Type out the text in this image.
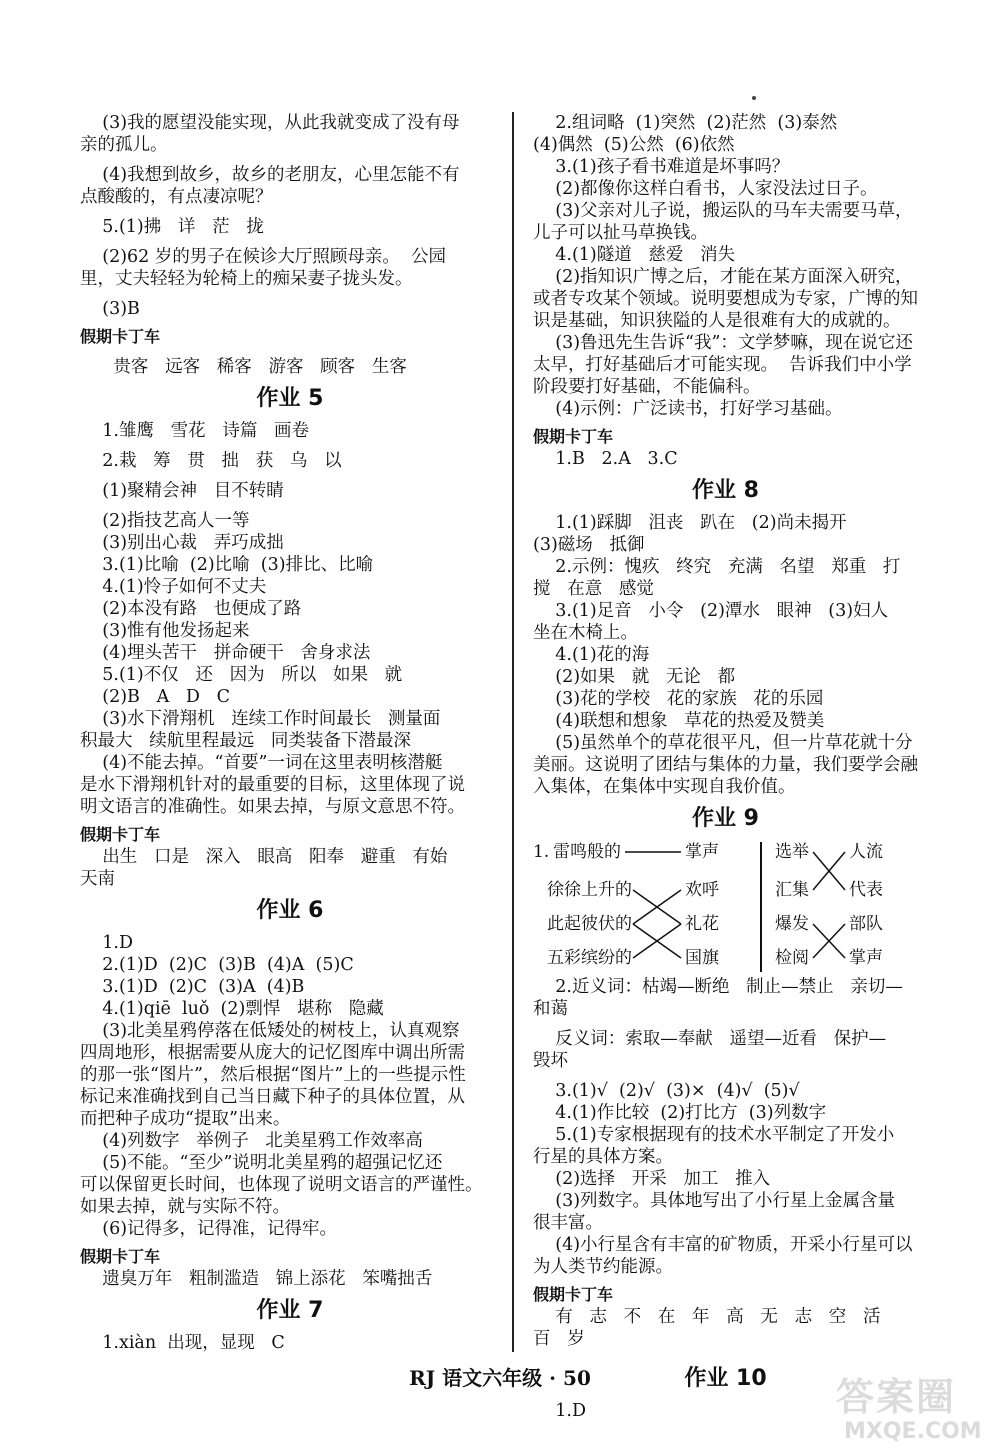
(3)我的愿望没能实现，从此我就变成了没有母
亲的孤儿。
(4)我想到故乡，故乡的老朋友，心里怎能不有
点酸酸的，有点凄凉呢？
5.(1)拂   详   茫   拢
(2)62 岁的男子在候诊大厅照顾母亲。  公园
里，丈夫轻轻为轮椅上的痴呆妻子拢头发。
(3)B
假期卡丁车
贵客   远客   稀客   游客   顾客   生客
作业 5
1.雏鹰   雪花   诗篇   画卷
2.栽   筹   贯   拙   获   乌   以
(1)聚精会神   目不转睛
(2)指技艺高人一等
(3)别出心裁   弄巧成拙
3.(1)比喻  (2)比喻  (3)排比、比喻
4.(1)怜子如何不丈夫
(2)本没有路   也便成了路
(3)惟有他发扬起来
(4)埋头苦干   拼命硬干   舍身求法
5.(1)不仅   还   因为   所以   如果   就
(2)B   A   D   C
(3)水下滑翔机   连续工作时间最长   测量面
积最大   续航里程最远   同类装备下潜最深
(4)不能去掉。“首要”一词在这里表明核潜艇
是水下滑翔机针对的最重要的目标，这里体现了说
明文语言的准确性。如果去掉，与原文意思不符。
假期卡丁车
出生   口是   深入   眼高   阳奉   避重   有始
天南
作业 6
1.D
2.(1)D  (2)C  (3)B  (4)A  (5)C
3.(1)D  (2)C  (3)A  (4)B
4.(1)qiē  luǒ  (2)剽悍   堪称   隐藏
(3)北美星鸦停落在低矮处的树枝上，认真观察
四周地形，根据需要从庞大的记忆图库中调出所需
的那一张“图片”，然后根据“图片”上的一些提示性
标记来准确找到自己当日藏下种子的具体位置，从
而把种子成功“提取”出来。
(4)列数字   举例子   北美星鸦工作效率高
(5)不能。“至少”说明北美星鸦的超强记忆还
可以保留更长时间，也体现了说明文语言的严谨性。
如果去掉，就与实际不符。
(6)记得多，记得准，记得牢。
假期卡丁车
遗臭万年   粗制滥造   锦上添花   笨嘴拙舌
作业 7
1.xiàn  出现，显现   C
2.组词略  (1)突然  (2)茫然  (3)泰然
(4)偶然  (5)公然  (6)依然
3.(1)孩子看书难道是坏事吗？
(2)都像你这样白看书，人家没法过日子。
(3)父亲对儿子说，搬运队的马车夫需要马草，
儿子可以扯马草换钱。
4.(1)隧道   慈爱   消失
(2)指知识广博之后，才能在某方面深入研究，
或者专攻某个领域。说明要想成为专家，广博的知
识是基础，知识狭隘的人是很难有大的成就的。
(3)鲁迅先生告诉“我”：文学梦嘛，现在说它还
太早，打好基础后才可能实现。  告诉我们中小学
阶段要打好基础，不能偏科。
(4)示例：广泛读书，打好学习基础。
假期卡丁车
1.B   2.A   3.C
作业 8
1.(1)踩脚   沮丧   趴在   (2)尚未揭开
(3)磁场   抵御
2.示例：愧疚   终究   充满   名望   郑重   打
搅   在意   感觉
3.(1)足音   小令   (2)潭水   眼神   (3)妇人
坐在木椅上。
4.(1)花的海
(2)如果   就   无论   都
(3)花的学校   花的家族   花的乐园
(4)联想和想象   草花的热爱及赞美
(5)虽然单个的草花很平凡，但一片草花就十分
美丽。这说明了团结与集体的力量，我们要学会融
入集体，在集体中实现自我价值。
作业 9
1. 雷鸣般的
徐徐上升的
此起彼伏的
五彩缤纷的
掌声
欢呼
礼花
国旗
选举
汇集
爆发
检阅
人流
代表
部队
掌声
2.近义词：枯竭—断绝   制止—禁止   亲切—
和蔼
反义词：索取—奉献   遥望—近看   保护—
毁坏
3.(1)√  (2)√  (3)×  (4)√  (5)√
4.(1)作比较  (2)打比方  (3)列数字
5.(1)专家根据现有的技术水平制定了开发小
行星的具体方案。
(2)选择   开采   加工   推入
(3)列数字。具体地写出了小行星上金属含量
很丰富。
(4)小行星含有丰富的矿物质，开采小行星可以
为人类节约能源。
假期卡丁车
有   志   不   在   年   高   无   志   空   活
百   岁
作业 10
1.D
RJ 语文六年级 · 50	答案圈
MXQE.COM
